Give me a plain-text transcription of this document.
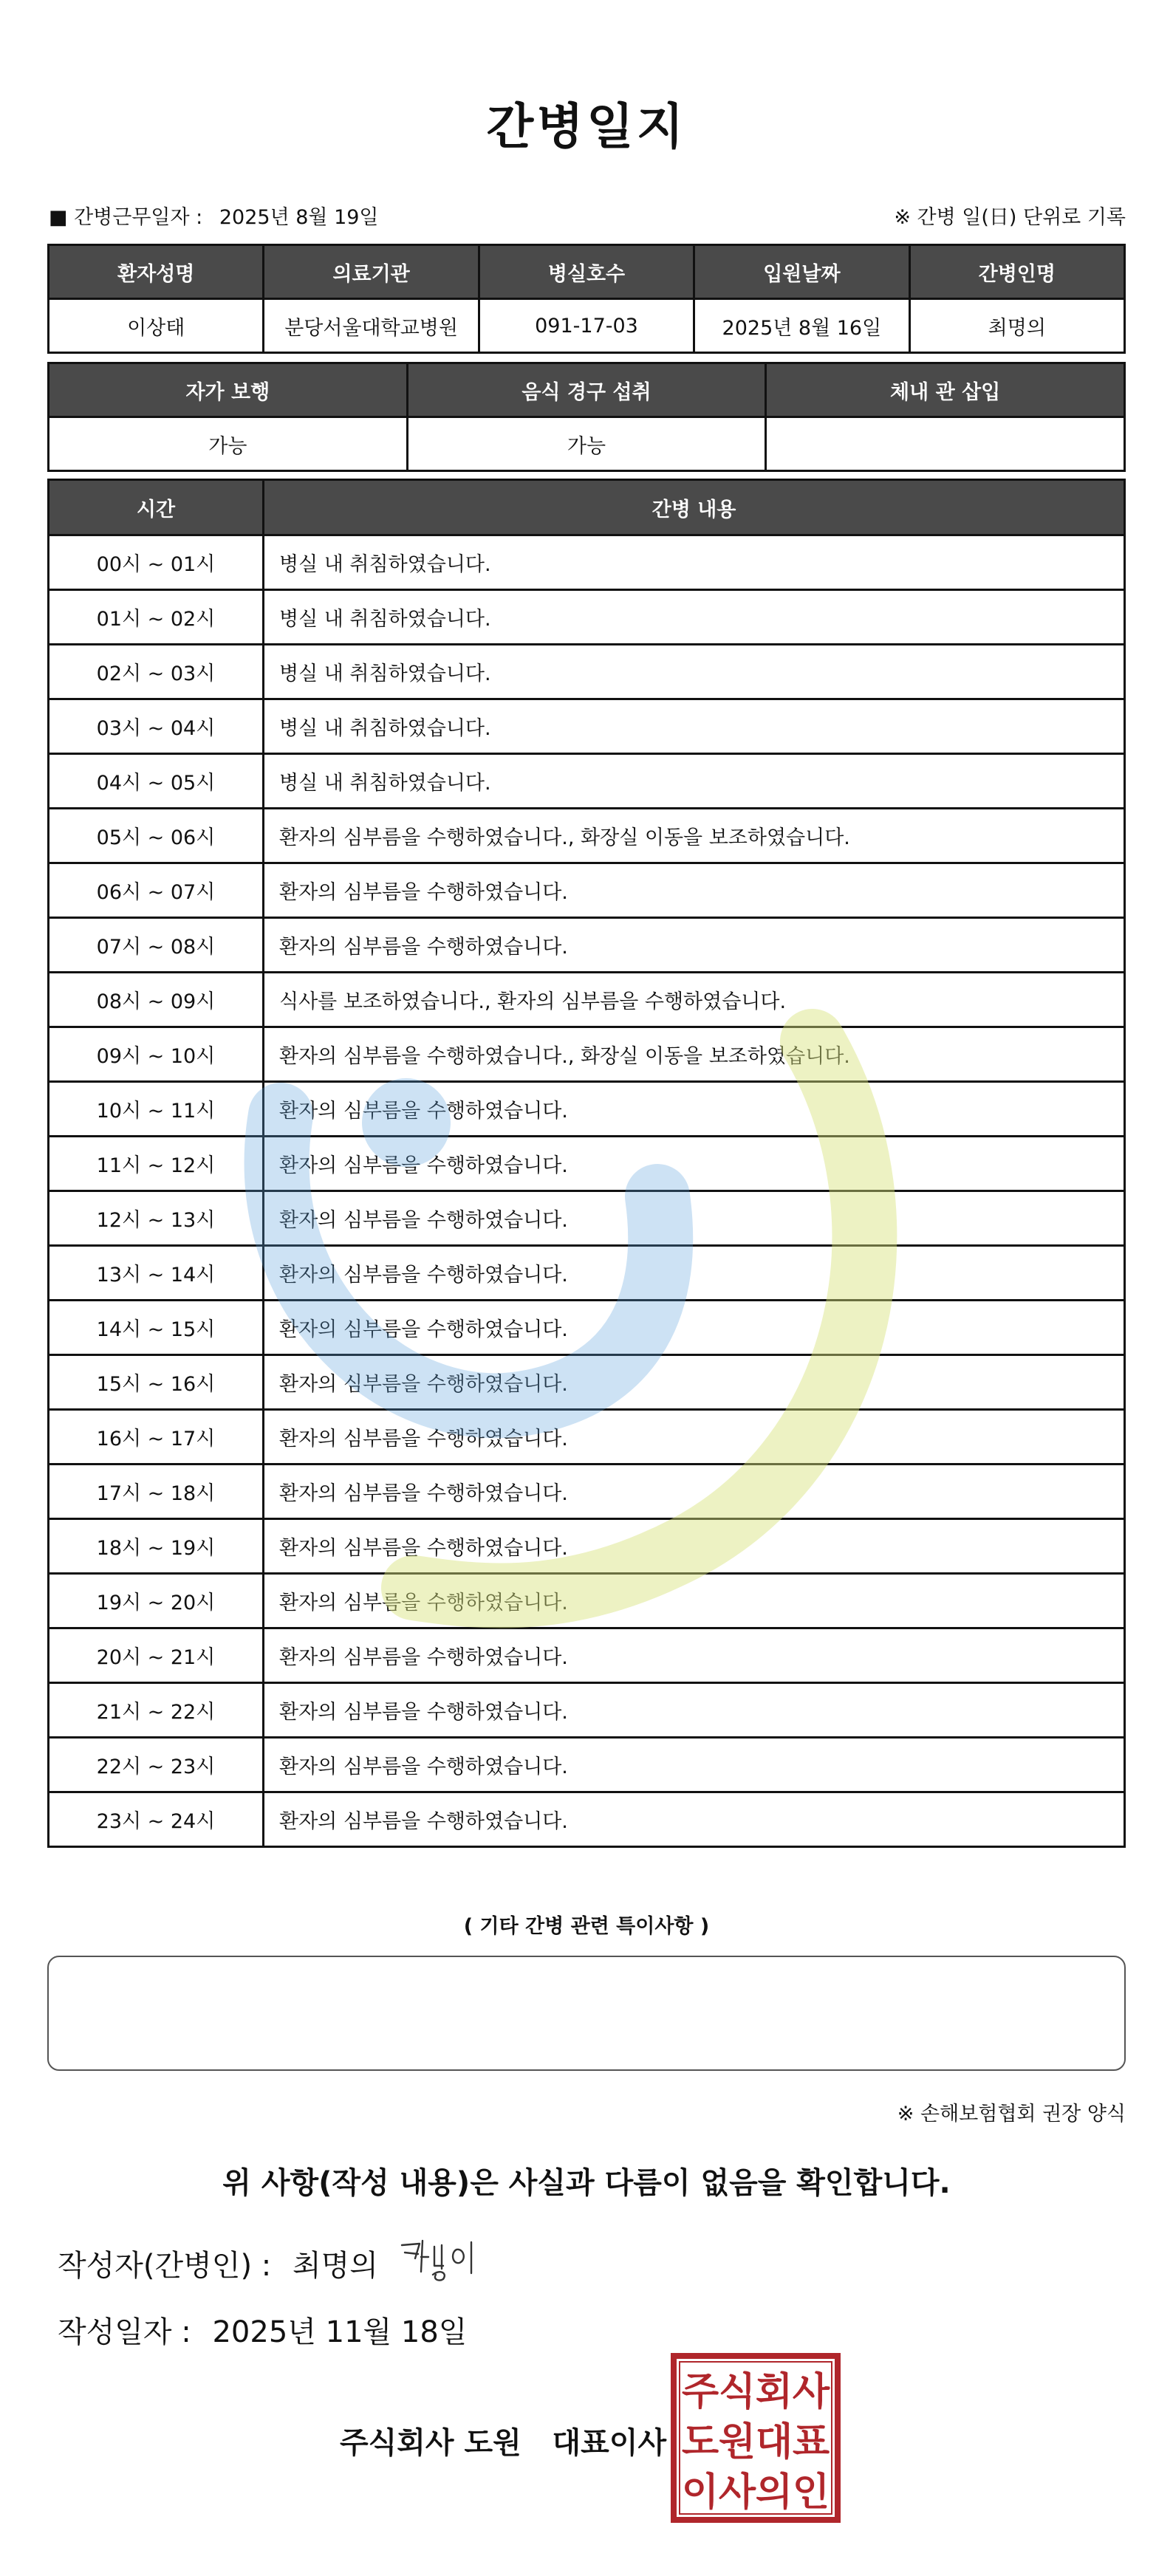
간병일지
■ 간병근무일자 : 2025년 8월 19일	※ 간병 일(日) 단위로 기록
환자성명	의료기관	병실호수	입원날짜	간병인명
이상태	분당서울대학교병원	091-17-03	2025년 8월 16일	최명의
자가 보행	음식 경구 섭취	체내 관 삽입
가능	가능	
시간	간병 내용
00시 ~ 01시	병실 내 취침하였습니다.
01시 ~ 02시	병실 내 취침하였습니다.
02시 ~ 03시	병실 내 취침하였습니다.
03시 ~ 04시	병실 내 취침하였습니다.
04시 ~ 05시	병실 내 취침하였습니다.
05시 ~ 06시	환자의 심부름을 수행하였습니다., 화장실 이동을 보조하였습니다.
06시 ~ 07시	환자의 심부름을 수행하였습니다.
07시 ~ 08시	환자의 심부름을 수행하였습니다.
08시 ~ 09시	식사를 보조하였습니다., 환자의 심부름을 수행하였습니다.
09시 ~ 10시	환자의 심부름을 수행하였습니다., 화장실 이동을 보조하였습니다.
10시 ~ 11시	환자의 심부름을 수행하였습니다.
11시 ~ 12시	환자의 심부름을 수행하였습니다.
12시 ~ 13시	환자의 심부름을 수행하였습니다.
13시 ~ 14시	환자의 심부름을 수행하였습니다.
14시 ~ 15시	환자의 심부름을 수행하였습니다.
15시 ~ 16시	환자의 심부름을 수행하였습니다.
16시 ~ 17시	환자의 심부름을 수행하였습니다.
17시 ~ 18시	환자의 심부름을 수행하였습니다.
18시 ~ 19시	환자의 심부름을 수행하였습니다.
19시 ~ 20시	환자의 심부름을 수행하였습니다.
20시 ~ 21시	환자의 심부름을 수행하였습니다.
21시 ~ 22시	환자의 심부름을 수행하였습니다.
22시 ~ 23시	환자의 심부름을 수행하였습니다.
23시 ~ 24시	환자의 심부름을 수행하였습니다.
( 기타 간병 관련 특이사항 )
※ 손해보험협회 권장 양식
위 사항(작성 내용)은 사실과 다름이 없음을 확인합니다.
작성자(간병인) : 최명의
작성일자 : 2025년 11월 18일
주식회사 도원   대표이사
주 식 회 사
도 원 대 표
이 사 의 인
